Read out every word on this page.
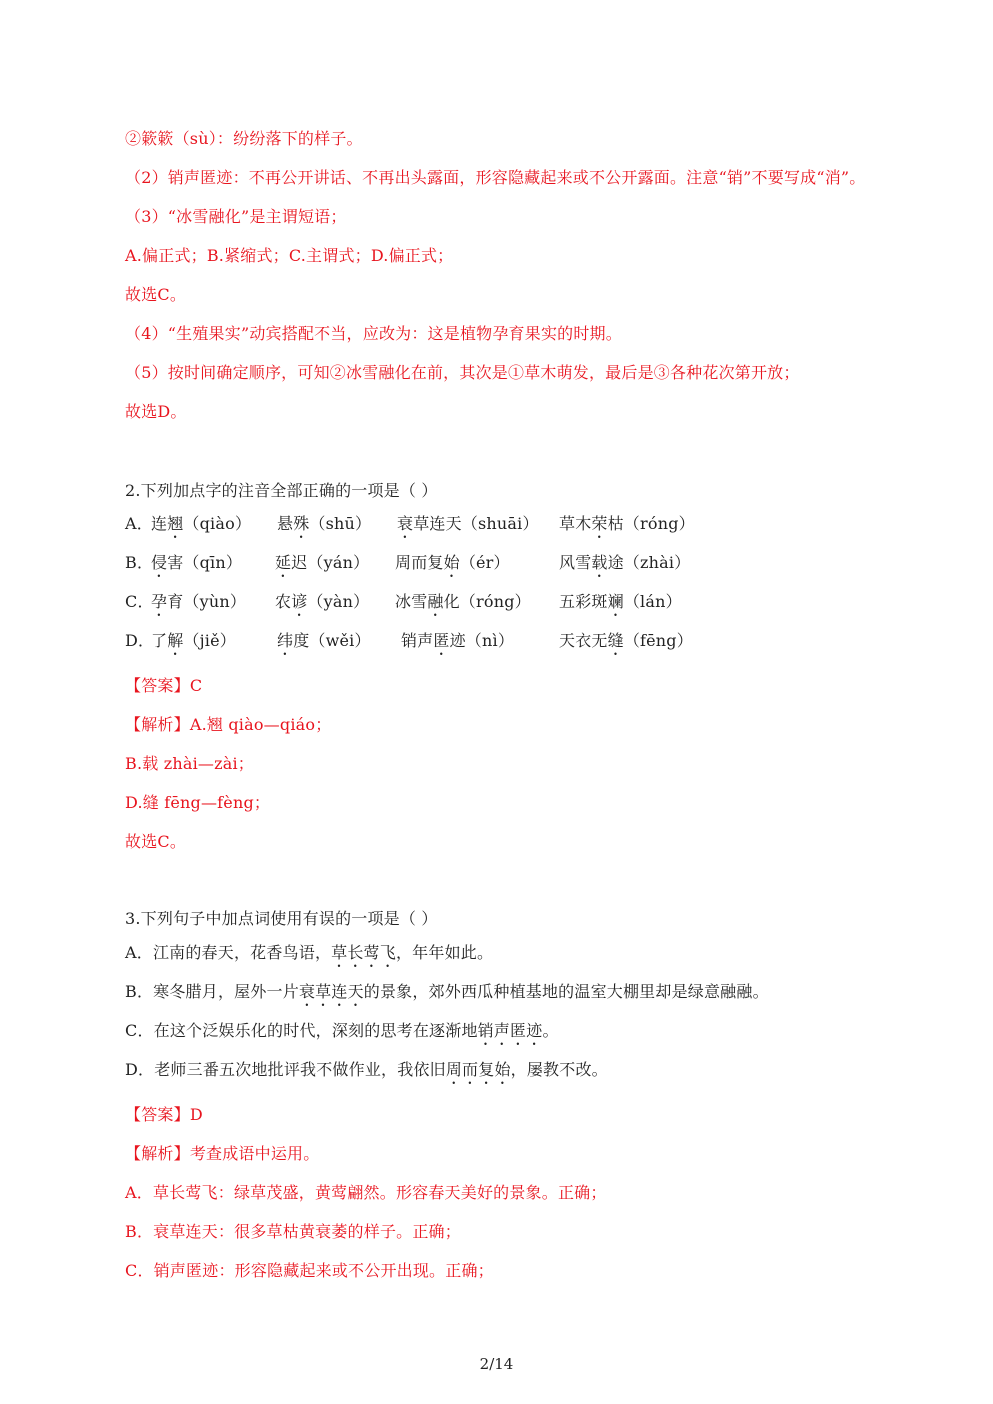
②簌簌（sù）：纷纷落下的样子。
（2）销声匿迹：不再公开讲话、不再出头露面，形容隐藏起来或不公开露面。注意“销”不要写成“消”。
（3）“冰雪融化”是主谓短语；
A.偏正式；B.紧缩式；C.主谓式；D.偏正式；
故选C。
（4）“生殖果实”动宾搭配不当，应改为：这是植物孕育果实的时期。
（5）按时间确定顺序，可知②冰雪融化在前，其次是①草木萌发，最后是③各种花次第开放；
故选D。
2.下列加点字的注音全部正确的一项是（ ）
A．
连翘（qiào） 悬殊（shū） 衰草连天（shuāi） 草木荣枯（róng）
B．
侵害（qīn） 延迟（yán） 周而复始（ér）	风雪载途（zhài）
C．
孕育（yùn） 农谚（yàn） 冰雪融化（róng） 五彩斑斓（lán）
D．
了解（jiě）	纬度（wěi） 销声匿迹（nì）	天衣无缝（fēng）
【答案】C
【解析】A.翘 qiào—qiáo；
B.载 zhài—zài；
D.缝 fēng—fèng；
故选C。
3.下列句子中加点词使用有误的一项是（ ）
A．江南的春天，花香鸟语，草长莺飞，年年如此。
B．寒冬腊月，屋外一片衰草连天的景象，郊外西瓜种植基地的温室大棚里却是绿意融融。
C．在这个泛娱乐化的时代，深刻的思考在逐渐地销声匿迹。
D．老师三番五次地批评我不做作业，我依旧周而复始，屡教不改。
【答案】D
【解析】考查成语中运用。
A．草长莺飞：绿草茂盛，黄莺翩然。形容春天美好的景象。正确；
B．衰草连天：很多草枯黄衰萎的样子。正确；
C．销声匿迹：形容隐藏起来或不公开出现。正确；
2/14
